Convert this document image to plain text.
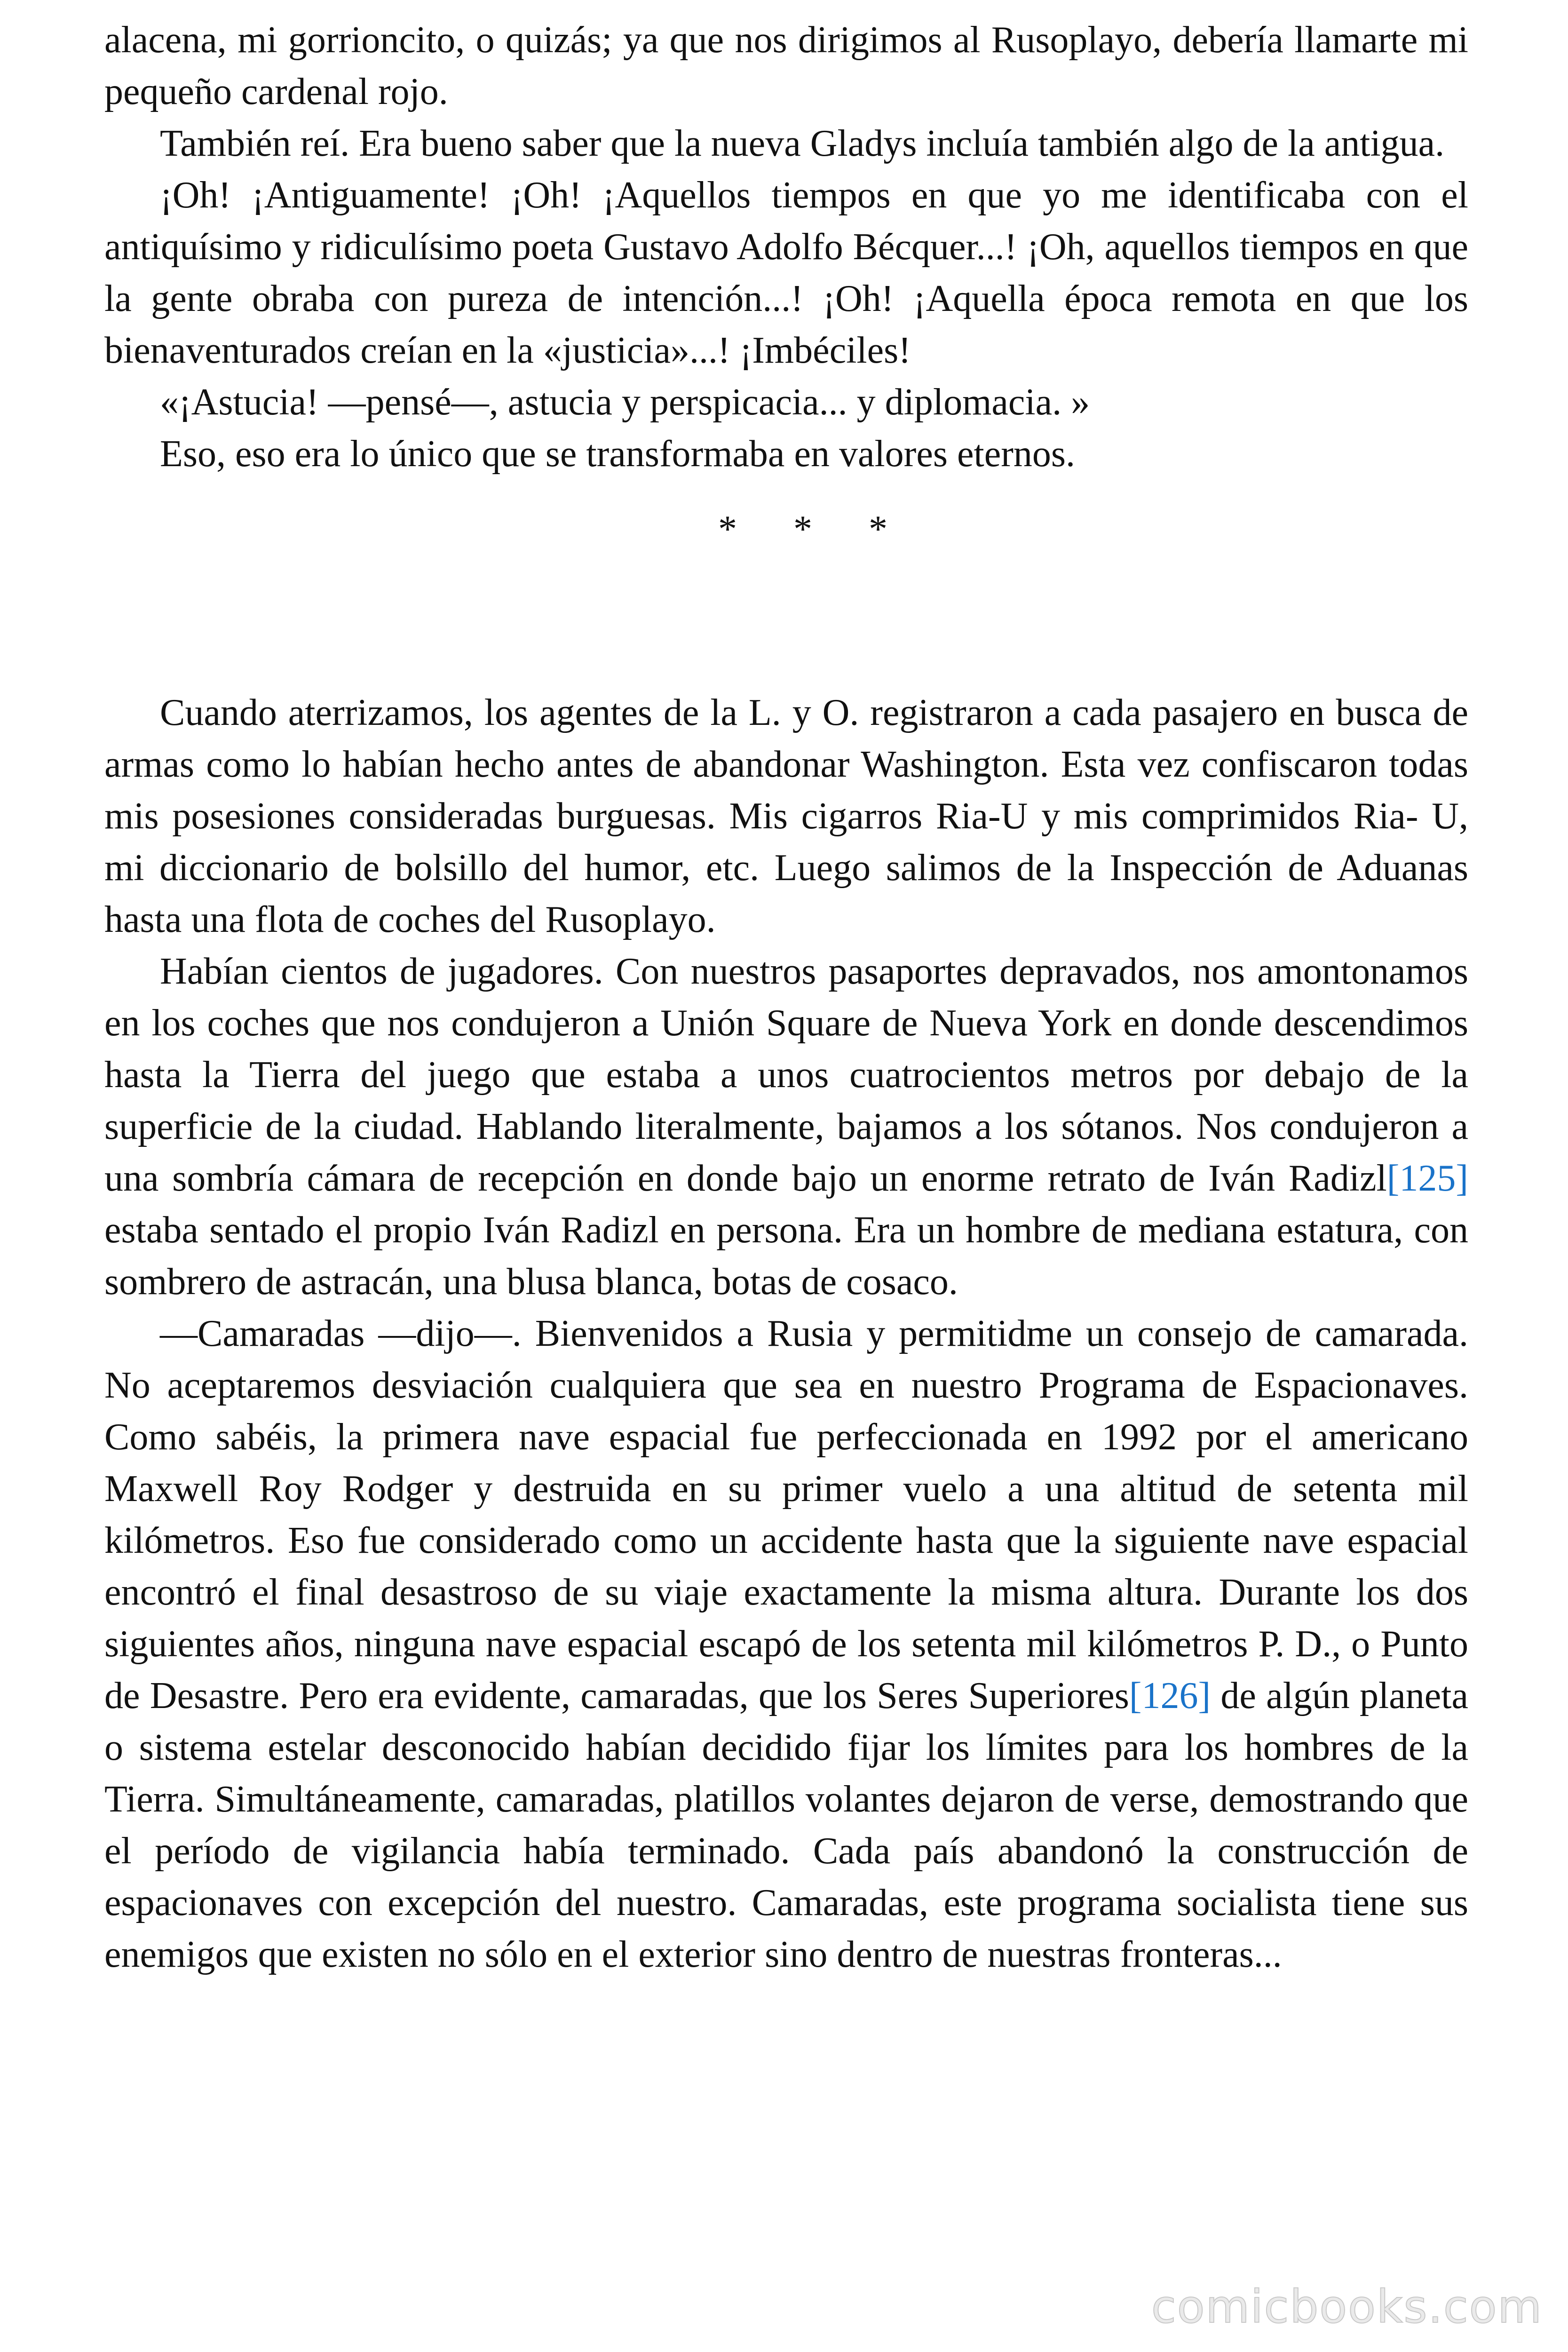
alacena, mi gorrioncito, o quizás; ya que nos dirigimos al Rusoplayo, debería llamarte mi pequeño cardenal rojo.

También reí. Era bueno saber que la nueva Gladys incluía también algo de la antigua.

¡Oh! ¡Antiguamente! ¡Oh! ¡Aquellos tiempos en que yo me identificaba con el antiquísimo y ridiculísimo poeta Gustavo Adolfo Bécquer...! ¡Oh, aquellos tiempos en que la gente obraba con pureza de intención...! ¡Oh! ¡Aquella época remota en que los bienaventurados creían en la «justicia»...! ¡Imbéciles!

«¡Astucia! —pensé—, astucia y perspicacia... y diplomacia. »

Eso, eso era lo único que se transformaba en valores eternos.

* * *

Cuando aterrizamos, los agentes de la L. y O. registraron a cada pasajero en busca de armas como lo habían hecho antes de abandonar Washington. Esta vez confiscaron todas mis posesiones consideradas burguesas. Mis cigarros Ria-U y mis comprimidos Ria- U, mi diccionario de bolsillo del humor, etc. Luego salimos de la Inspección de Aduanas hasta una flota de coches del Rusoplayo.

Habían cientos de jugadores. Con nuestros pasaportes depravados, nos amontonamos en los coches que nos condujeron a Unión Square de Nueva York en donde descendimos hasta la Tierra del juego que estaba a unos cuatrocientos metros por debajo de la superficie de la ciudad. Hablando literalmente, bajamos a los sótanos. Nos condujeron a una sombría cámara de recepción en donde bajo un enorme retrato de Iván Radizl[125] estaba sentado el propio Iván Radizl en persona. Era un hombre de mediana estatura, con sombrero de astracán, una blusa blanca, botas de cosaco.

—Camaradas —dijo—. Bienvenidos a Rusia y permitidme un consejo de camarada. No aceptaremos desviación cualquiera que sea en nuestro Programa de Espacionaves. Como sabéis, la primera nave espacial fue perfeccionada en 1992 por el americano Maxwell Roy Rodger y destruida en su primer vuelo a una altitud de setenta mil kilómetros. Eso fue considerado como un accidente hasta que la siguiente nave espacial encontró el final desastroso de su viaje exactamente la misma altura. Durante los dos siguientes años, ninguna nave espacial escapó de los setenta mil kilómetros P. D., o Punto de Desastre. Pero era evidente, camaradas, que los Seres Superiores[126] de algún planeta o sistema estelar desconocido habían decidido fijar los límites para los hombres de la Tierra. Simultáneamente, camaradas, platillos volantes dejaron de verse, demostrando que el período de vigilancia había terminado. Cada país abandonó la construcción de espacionaves con excepción del nuestro. Camaradas, este programa socialista tiene sus enemigos que existen no sólo en el exterior sino dentro de nuestras fronteras...

comicbooks.com
